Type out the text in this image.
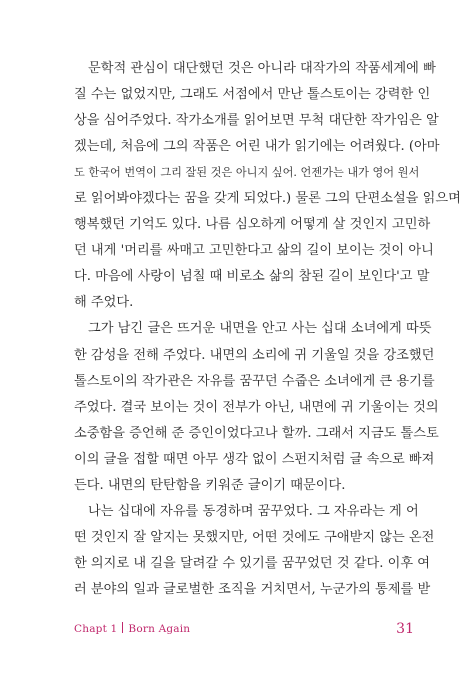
문학적 관심이 대단했던 것은 아니라 대작가의 작품세계에 빠
질 수는 없었지만, 그래도 서점에서 만난 톨스토이는 강력한 인
상을 심어주었다. 작가소개를 읽어보면 무척 대단한 작가임은 알
겠는데, 처음에 그의 작품은 어린 내가 읽기에는 어려웠다. (아마
도 한국어 번역이 그리 잘된 것은 아니지 싶어. 언젠가는 내가 영어 원서
로 읽어봐야겠다는 꿈을 갖게 되었다.) 물론 그의 단편소설을 읽으며
행복했던 기억도 있다. 나름 심오하게 어떻게 살 것인지 고민하
던 내게 '머리를 싸매고 고민한다고 삶의 길이 보이는 것이 아니
다. 마음에 사랑이 넘칠 때 비로소 삶의 참된 길이 보인다'고 말
해 주었다.
그가 남긴 글은 뜨거운 내면을 안고 사는 십대 소녀에게 따뜻
한 감성을 전해 주었다. 내면의 소리에 귀 기울일 것을 강조했던
톨스토이의 작가관은 자유를 꿈꾸던 수줍은 소녀에게 큰 용기를
주었다. 결국 보이는 것이 전부가 아닌, 내면에 귀 기울이는 것의
소중함을 증언해 준 증인이었다고나 할까. 그래서 지금도 톨스토
이의 글을 접할 때면 아무 생각 없이 스펀지처럼 글 속으로 빠져
든다. 내면의 탄탄함을 키워준 글이기 때문이다.
나는 십대에 자유를 동경하며 꿈꾸었다. 그 자유라는 게 어
떤 것인지 잘 알지는 못했지만, 어떤 것에도 구애받지 않는 온전
한 의지로 내 길을 달려갈 수 있기를 꿈꾸었던 것 같다. 이후 여
러 분야의 일과 글로벌한 조직을 거치면서, 누군가의 통제를 받
Chapt 1 Born Again	31
